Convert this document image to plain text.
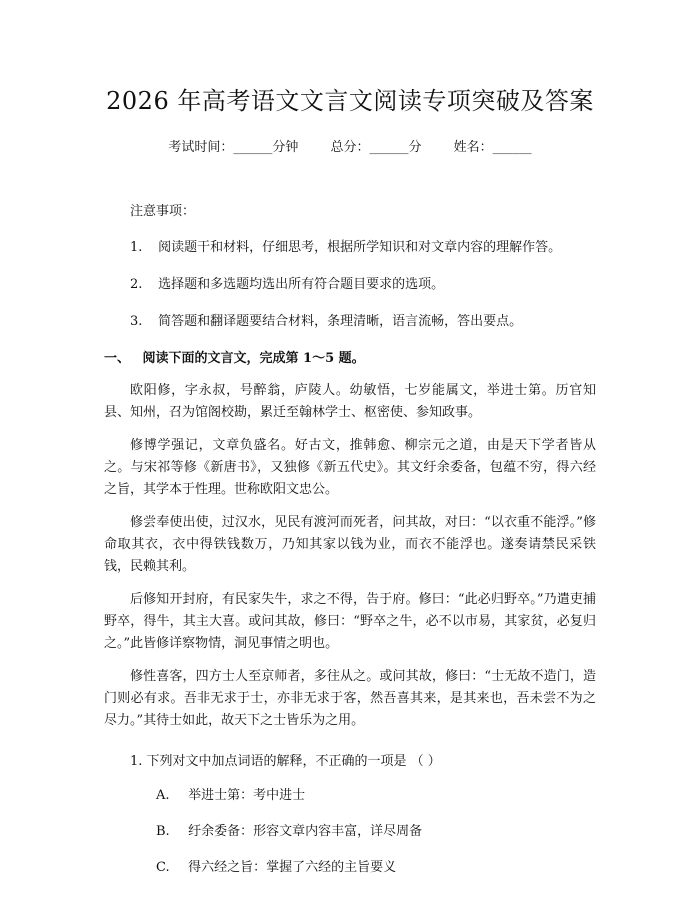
2026 年高考语文文言文阅读专项突破及答案
考试时间：______分钟 总分：______分 姓名：______
注意事项：
1. 阅读题干和材料，仔细思考，根据所学知识和对文章内容的理解作答。
2. 选择题和多选题均选出所有符合题目要求的选项。
3. 简答题和翻译题要结合材料，条理清晰，语言流畅，答出要点。
一、 阅读下面的文言文，完成第 1～5 题。

欧阳修，字永叔，号醉翁，庐陵人。幼敏悟，七岁能属文，举进士第。历官知县、知州，召为馆阁校勘，累迁至翰林学士、枢密使、参知政事。

修博学强记，文章负盛名。好古文，推韩愈、柳宗元之道，由是天下学者皆从之。与宋祁等修《新唐书》，又独修《新五代史》。其文纡余委备，包蕴不穷，得六经之旨，其学本于性理。世称欧阳文忠公。

修尝奉使出使，过汉水，见民有渡河而死者，问其故，对曰：“以衣重不能浮。”修命取其衣，衣中得铁钱数万，乃知其家以钱为业，而衣不能浮也。遂奏请禁民采铁钱，民赖其利。

后修知开封府，有民家失牛，求之不得，告于府。修曰：“此必归野卒。”乃遣吏捕野卒，得牛，其主大喜。或问其故，修曰：“野卒之牛，必不以市易，其家贫，必复归之。”此皆修详察物情，洞见事情之明也。

修性喜客，四方士人至京师者，多往从之。或问其故，修曰：“士无故不造门，造门则必有求。吾非无求于士，亦非无求于客，然吾喜其来，是其来也，吾未尝不为之尽力。”其待士如此，故天下之士皆乐为之用。

1. 下列对文中加点词语的解释，不正确的一项是 （ ）
A. 举进士第：考中进士
B. 纡余委备：形容文章内容丰富，详尽周备
C. 得六经之旨：掌握了六经的主旨要义
